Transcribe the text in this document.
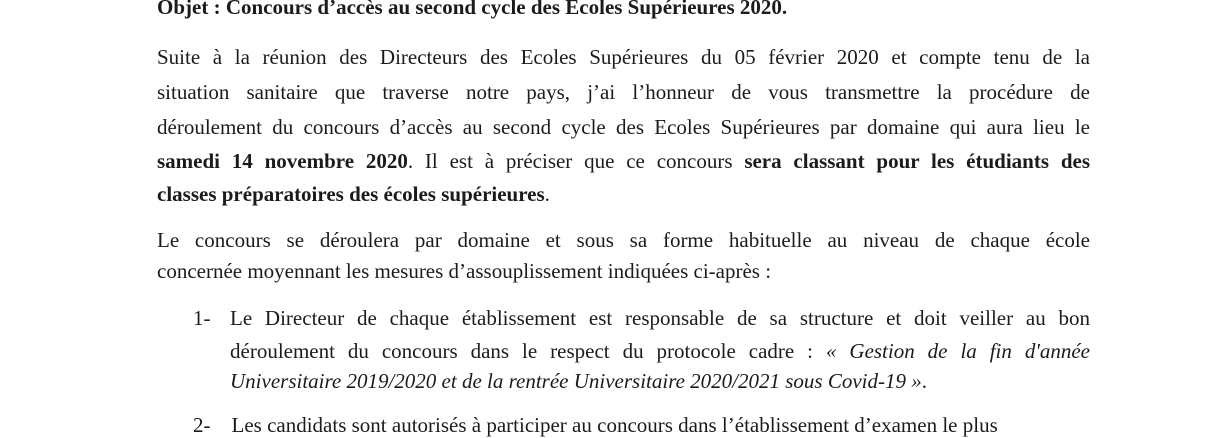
Objet : Concours d’accès au second cycle des Ecoles Supérieures 2020.
Suite à la réunion des Directeurs des Ecoles Supérieures du 05 février 2020 et compte tenu de la
situation sanitaire que traverse notre pays, j’ai l’honneur de vous transmettre la procédure de
déroulement du concours d’accès au second cycle des Ecoles Supérieures par domaine qui aura lieu le
samedi 14 novembre 2020. Il est à préciser que ce concours sera classant pour les étudiants des
classes préparatoires des écoles supérieures.
Le concours se déroulera par domaine et sous sa forme habituelle au niveau de chaque école
concernée moyennant les mesures d’assouplissement indiquées ci-après :
1- Le Directeur de chaque établissement est responsable de sa structure et doit veiller au bon
déroulement du concours dans le respect du protocole cadre : « Gestion de la fin d'année
Universitaire 2019/2020 et de la rentrée Universitaire 2020/2021 sous Covid-19 ».
2- Les candidats sont autorisés à participer au concours dans l’établissement d’examen le plus
